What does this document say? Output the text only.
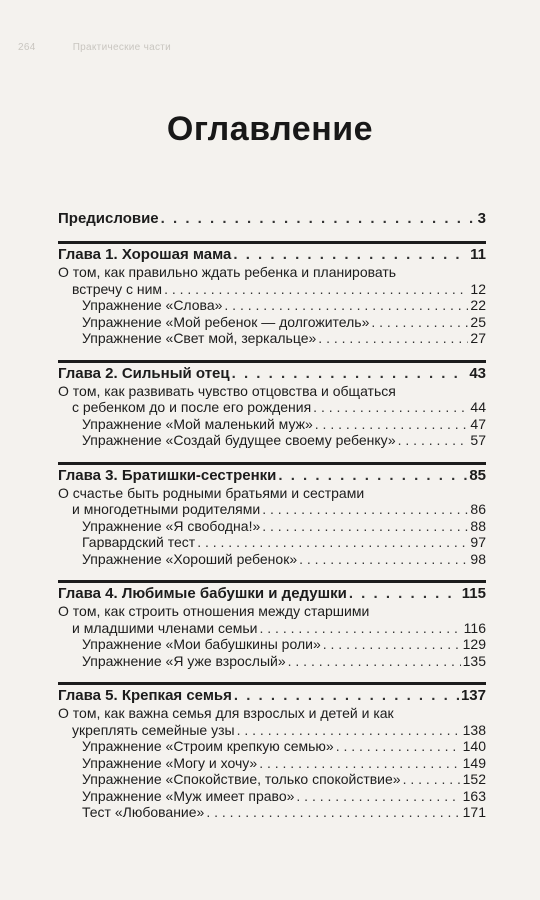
264	Практические части
Оглавление
Предисловие . . .	3
Глава 1. Хорошая мама . . .	11
О том, как правильно ждать ребенка и планировать
встречу с ним . . .	12
Упражнение «Слова» . . .	22
Упражнение «Мой ребенок — долгожитель» . . .	25
Упражнение «Свет мой, зеркальце» . . .	27
Глава 2. Сильный отец . . .	43
О том, как развивать чувство отцовства и общаться
с ребенком до и после его рождения . . .	44
Упражнение «Мой маленький муж» . . .	47
Упражнение «Создай будущее своему ребенку» . . .	57
Глава 3. Братишки-сестренки . . .	85
О счастье быть родными братьями и сестрами
и многодетными родителями . . .	86
Упражнение «Я свободна!» . . .	88
Гарвардский тест . . .	97
Упражнение «Хороший ребенок» . . .	98
Глава 4. Любимые бабушки и дедушки . . .	115
О том, как строить отношения между старшими
и младшими членами семьи . . .	116
Упражнение «Мои бабушкины роли» . . .	129
Упражнение «Я уже взрослый» . . .	135
Глава 5. Крепкая семья . . .	137
О том, как важна семья для взрослых и детей и как
укреплять семейные узы . . .	138
Упражнение «Строим крепкую семью» . . .	140
Упражнение «Могу и хочу» . . .	149
Упражнение «Спокойствие, только спокойствие» . . .	152
Упражнение «Муж имеет право» . . .	163
Тест «Любование» . . .	171
